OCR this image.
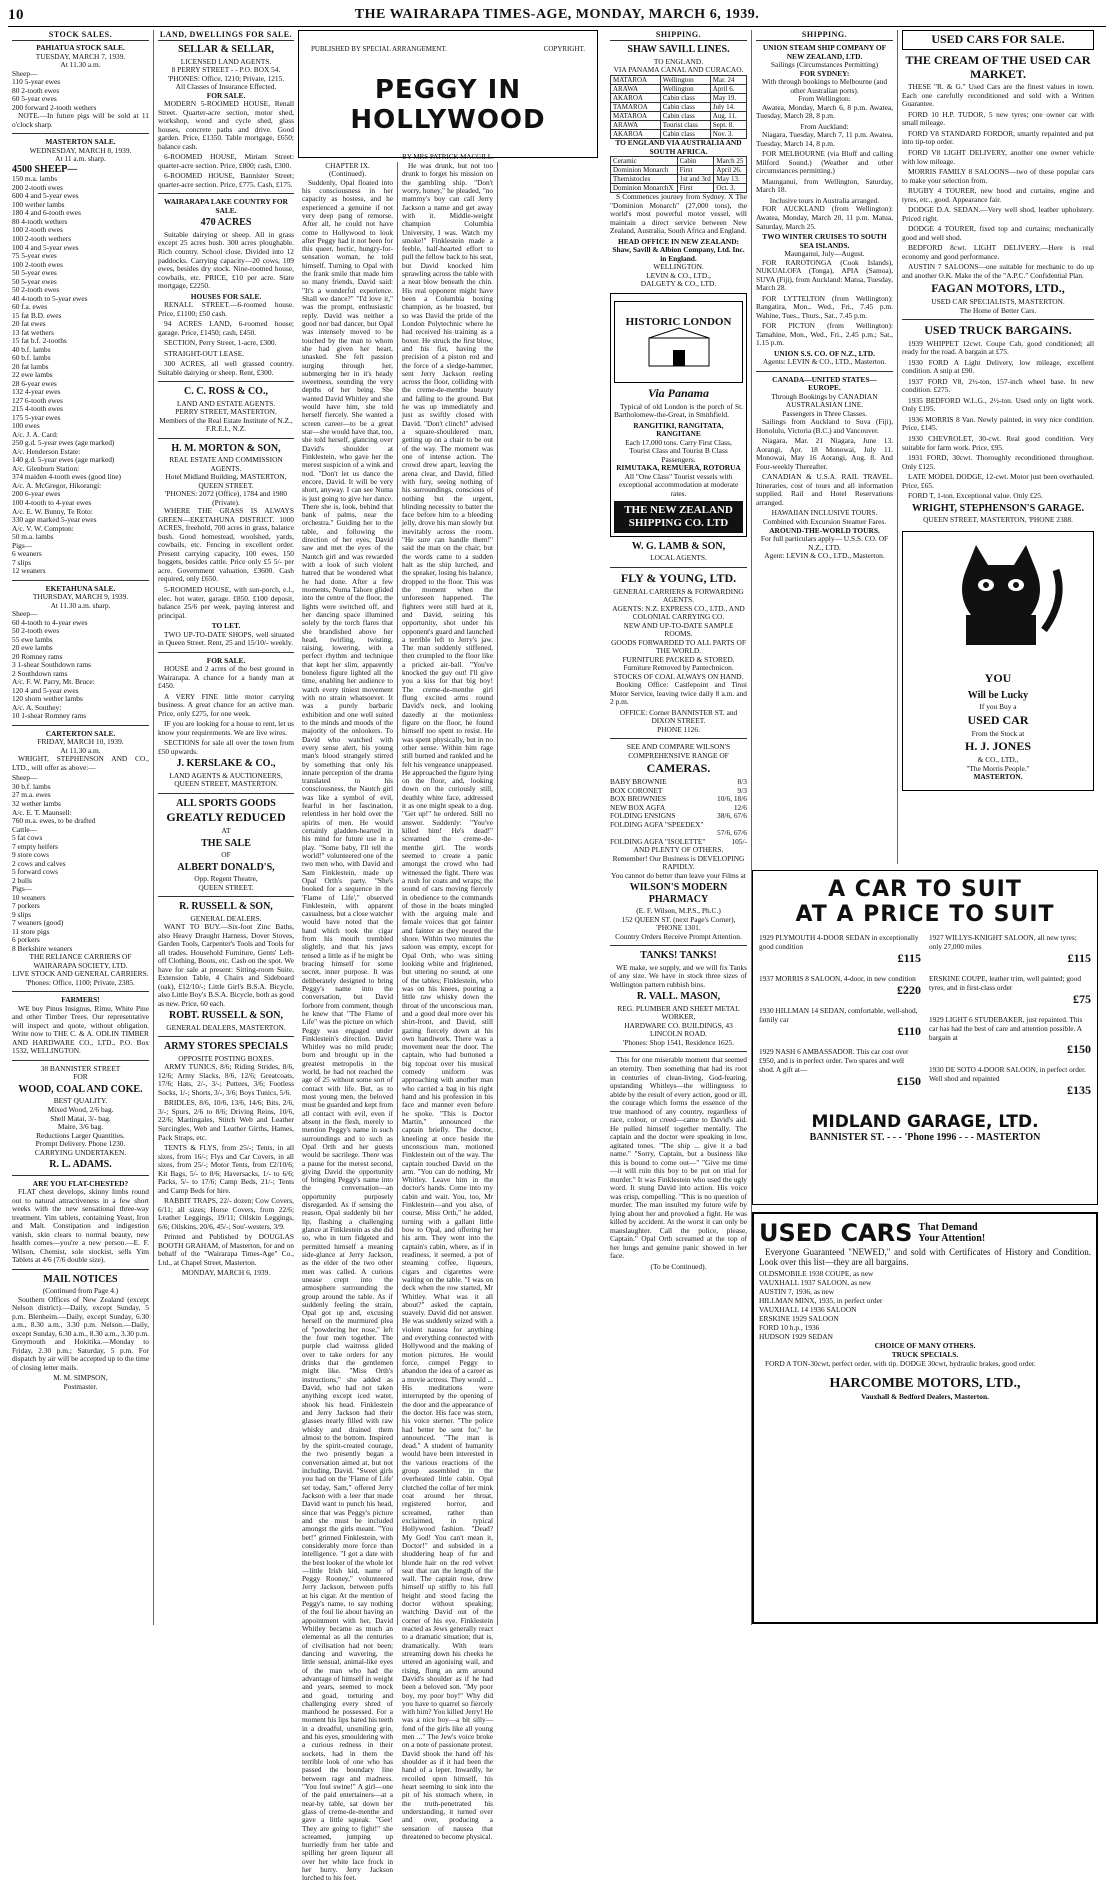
10	THE WAIRARAPA TIMES-AGE, MONDAY, MARCH 6, 1939.
STOCK SALES.
PAHIATUA STOCK SALE.
TUESDAY, MARCH 7, 1939.
At 11.30 a.m.
Sheep—
110 5-year ewes
80 2-tooth ewes
60 5-year ewes
200 forward 2-tooth wethers
NOTE.—In future pigs will be sold at 11 o'clock sharp.
MASTERTON SALE.
WEDNESDAY, MARCH 8, 1939.
At 11 a.m. sharp.
4500 SHEEP—
150 m.a. lambs
200 2-tooth ewes
600 4 and 5-year ewes
100 wether lambs
180 4 and 6-tooth ewes
80 4-tooth wethers
100 2-tooth ewes
100 2-tooth wethers
100 4 and 5-year ewes
75 5-year ewes
100 2-tooth ewes
50 5-year ewes
50 5-year ewes
50 2-tooth ewes
40 4-tooth to 5-year ewes
60 f.a. ewes
15 fat B.D. ewes
20 fat ewes
13 fat wethers
15 fat b.f. 2-tooths
40 b.f. lambs
60 b.f. lambs
20 fat lambs
22 ewe lambs
28 6-year ewes
132 4-year ewes
127 6-tooth ewes
215 4-tooth ewes
175 5-year ewes
100 ewes
A/c. J. A. Card:
250 g.d. 5-year ewes (age marked)
A/c. Henderson Estate:
140 g.d. 5-year ewes (age marked)
A/c. Glenburn Station:
374 maiden 4-tooth ewes (good line)
A/c. A. McGregor, Hikorangi:
200 6-year ewes
100 4-tooth to 4-year ewes
A/c. E. W. Bunny, Te Roto:
330 age marked 5-year ewes
A/c. V. W. Compton:
50 m.a. lambs
Pigs—
6 weaners
7 slips
12 weaners
EKETAHUNA SALE.
THURSDAY, MARCH 9, 1939.
At 11.30 a.m. sharp.
Sheep—
60 4-tooth to 4-year ewes
50 2-tooth ewes
55 ewe lambs
20 ewe lambs
20 Romney rams
3 1-shear Southdown rams
2 Southdown rams
A/c. F. W. Parry, Mt. Bruce:
120 4 and 5-year ewes
120 shorn wether lambs
A/c. A. Southey:
10 1-shear Romney rams
CARTERTON SALE.
FRIDAY, MARCH 10, 1939.
At 11.30 a.m.
WRIGHT, STEPHENSON AND CO., LTD., will offer as above:—
Sheep—
30 b.f. lambs
27 m.a. ewes
32 wether lambs
A/c. E. T. Maunsell:
760 m.a. ewes, to be drafted
Cattle—
5 fat cows
7 empty heifers
9 store cows
2 cows and calves
5 forward cows
2 bulls
Pigs—
10 weaners
7 porkers
9 slips
7 weaners (good)
11 store pigs
6 porkers
8 Berkshire weaners
THE RELIANCE CARRIERS OF WAIRARAPA SOCIETY, LTD.
LIVE STOCK AND GENERAL CARRIERS.
'Phones: Office, 1100; Private, 2385.
FARMERS!
WE buy Pinus Insignus, Rimu, White Pine and other Timber Trees. Our representative will inspect and quote, without obligation. Write now to THE C. & A. ODLIN TIMBER AND HARDWARE CO., LTD., P.O. Box 1532, WELLINGTON.
38 BANNISTER STREET
FOR
WOOD, COAL AND COKE.
BEST QUALITY.
Mixed Wood, 2/6 bag.
Shell Matai, 3/- bag.
Maire, 3/6 bag.
Reductions Larger Quantities.
Prompt Delivery. Phone 1230.
CARRYING UNDERTAKEN.
R. L. ADAMS.
ARE YOU FLAT-CHESTED?
FLAT chest develops, skinny limbs round out to natural attractiveness in a few short weeks with the new sensational three-way treatment. Yim tablets, containing Yeast, Iron and Malt. Constipation and indigestion vanish, skin clears to normal beauty, new health comes—you're a new person.—E. F. Wilson, Chemist, sole stockist, sells Yim Tablets at 4/6 (7/6 double size).
MAIL NOTICES
(Continued from Page 4.)
Southern Offices of New Zealand (except Nelson district).—Daily, except Sunday, 5 p.m. Blenheim.—Daily, except Sunday, 6.30 a.m., 8.30 a.m., 3.30 p.m. Nelson.—Daily, except Sunday, 6.30 a.m., 8.30 a.m., 3.30 p.m. Greymouth and Hokitika.—Monday to Friday, 2.30 p.m.; Saturday, 5 p.m. For dispatch by air will be accepted up to the time of closing letter mails.
M. M. SIMPSON,
Postmaster.
LAND, DWELLINGS FOR SALE.
SELLAR & SELLAR,
LICENSED LAND AGENTS.
8 PERRY STREET - - P.O. BOX 54.
'PHONES: Office, 1210; Private, 1215.
All Classes of Insurance Effected.
FOR SALE.
MODERN 5-ROOMED HOUSE, Renall Street. Quarter-acre section, motor shed, workshop, wood and cycle shed, glass houses, concrete paths and drive. Good garden. Price, £1350. Table mortgage, £650; balance cash.
6-ROOMED HOUSE, Miriam Street: quarter-acre section. Price, £800; cash, £300.
6-ROOMED HOUSE, Bannister Street; quarter-acre section. Price, £775. Cash, £175.
WAIRARAPA LAKE COUNTRY FOR SALE.
470 ACRES
Suitable dairying or sheep. All in grass except 25 acres bush. 300 acres ploughable. Rich country. School close. Divided into 12 paddocks. Carrying capacity—20 cows, 109 ewes, besides dry stock. Nine-roomed house, cowbails, etc. PRICE, £10 per acre. State mortgage, £2250.
HOUSES FOR SALE.
RENALL STREET.—6-roomed house. Price, £1100; £50 cash.
94 ACRES LAND, 6-roomed house; garage. Price, £1450; cash, £450.
SECTION, Perry Street, 1-acre, £300.
STRAIGHT-OUT LEASE.
300 ACRES, all well grassed country. Suitable dairying or sheep. Rent, £300.
C. C. ROSS & CO.,
LAND AND ESTATE AGENTS.
PERRY STREET, MASTERTON.
Members of the Real Estate Institute of N.Z., F.R.E.I., N.Z.
H. M. MORTON & SON,
REAL ESTATE AND COMMISSION AGENTS.
Hotel Midland Building, MASTERTON, QUEEN STREET.
'PHONES: 2072 (Office), 1784 and 1980 (Private).
WHERE THE GRASS IS ALWAYS GREEN—EKETAHUNA DISTRICT. 1000 ACRES, freehold, 700 acres in grass, balance bush. Good homestead, woolshed, yards, cowbails, etc. Fencing in excellent order. Present carrying capacity, 100 ewes, 150 hoggets, besides cattle. Price only £5 5/- per acre. Government valuation, £3600. Cash required, only £650.
5-ROOMED HOUSE, with sun-porch, e.l., elec. hot water, garage. £850. £100 deposit, balance 25/6 per week, paying interest and principal.
TO LET.
TWO UP-TO-DATE SHOPS, well situated in Queen Street. Rent, 25 and 15/10/- weekly.
FOR SALE.
HOUSE and 2 acres of the best ground in Wairarapa. A chance for a handy man at £450.
A VERY FINE little motor carrying business. A great chance for an active man. Price, only £275, for one week.
IF you are looking for a house to rent, let us know your requirements. We are live wires.
SECTIONS for sale all over the town from £50 upwards.
J. KERSLAKE & CO.,
LAND AGENTS & AUCTIONEERS, QUEEN STREET, MASTERTON.
ALL SPORTS GOODS
GREATLY REDUCED
AT
THE SALE
OF
ALBERT DONALD'S,
Opp. Regent Theatre,
QUEEN STREET.
R. RUSSELL & SON,
GENERAL DEALERS.
WANT TO BUY.—Six-foot Zinc Baths, also Heavy Draught Harness, Dover Stoves, Garden Tools, Carpenter's Tools and Tools for all trades. Household Furniture, Gents' Left-off Clothing, Boots, etc. Cash on the spot. We have for sale at present: Sitting-room Suite, Extension Table, 4 Chairs and Sideboard (oak), £12/10/-; Little Girl's B.S.A. Bicycle, also Little Boy's B.S.A. Bicycle, both as good as new. Price, 60 each.
ROBT. RUSSELL & SON,
GENERAL DEALERS, MASTERTON.
ARMY STORES SPECIALS
OPPOSITE POSTING BOXES.
ARMY TUNICS, 8/6; Riding Strides, 8/6, 12/6; Army Slacks, 8/6, 12/6; Greatcoats, 17/6; Hats, 2/-, 3/-; Puttees, 3/6; Footless Socks, 1/-; Shorts, 3/-, 3/6; Boys Tunics, 5/6.
BRIDLES, 8/6, 10/6, 13/6, 14/6; Bits, 2/6, 3/-; Spurs, 2/6 to 8/6; Driving Reins, 10/6, 22/6; Martingales, Stitch Web and Leather Surcingles, Web and Leather Girths, Hames, Pack Straps, etc.
TENTS & FLYS, from 25/-; Tents, in all sizes, from 16/-; Flys and Car Covers, in all sizes, from 25/-; Motor Tents, from £2/10/6; Kit Bags, 5/- to 8/6; Haversacks, 1/- to 6/6; Packs, 5/- to 17/6; Camp Beds, 21/-; Tents and Camp Beds for hire.
RABBIT TRAPS, 22/- dozen; Cow Covers, 6/11; all sizes; Horse Covers, from 22/6; Leather Leggings, 19/11; Oilskin Leggings, 6/6; Oilskins, 20/6, 45/-; Sou'-westers, 3/9.
Printed and Published by DOUGLAS BOOTH GRAHAM, of Masterton, for and on behalf of the "Wairarapa Times-Age" Co., Ltd., at Chapel Street, Masterton.
MONDAY, MARCH 6, 1939.
PUBLISHED BY SPECIAL ARRANGEMENT.	COPYRIGHT.
PEGGY IN HOLLYWOOD
BY MRS PATRICK MACGILL.
CHAPTER IX.
(Continued).
Suddenly, Opal floated into his consciousness in her capacity as hostess, and he experienced a genuine if not very deep pang of remorse. After all, he could not have come to Hollywood to look after Peggy had it not been for this queer, hectic, hungry-for-sensation woman, he told himself. Turning to Opal with the frank smile that made him so many friends, David said: "It's a wonderful experience. Shall we dance?" "I'd love it," was the prompt, enthusiastic reply. David was neither a good nor bad dancer, but Opal was intensely moved to be touched by the man to whom she had given her heart, unasked. She felt passion surging through her, submerging her in it's heady sweetness, sounding the very depths of her being. She wanted David Whitley and she would have him, she told herself fiercely. She wanted a screen career—to be a great star—she would have that, too, she told herself, glancing over David's shoulder at Finklestein, who gave her the merest suspicion of a wink and nod. "Don't let us dance the encore, David. It will be very short, anyway. I can see Numa is just going to give her dance. There she is, look, behind that bank of palms, near the orchestra." Guiding her to the table, and following the direction of her eyes, David saw and met the eyes of the Nautch girl and was rewarded with a look of such violent hatred that he wondered what he had done. After a few moments, Numa Tahore glided into the centre of the floor, the lights were switched off, and her dancing space illumined solely by the torch flares that she brandished above her head, twirling, twisting, raising, lowering, with a perfect rhythm and technique that kept her slim, apparently boneless figure lighted all the time, enabling her audience to watch every tiniest movement with no strain whatsoever. It was a purely barbaric exhibition and one well suited to the minds and moods of the majority of the onlookers. To David who watched with every sense alert, his young man's blood strangely stirred by something that only his innate perception of the drama translated to his consciousness, the Nautch girl was like a symbol of evil, fearful in her fascination, relentless in her hold over the spirits of men. He would certainly gladden-hearted in his mind for future use in a play. "Some baby, I'll tell the world!" volunteered one of the two men who, with David and Sam Finklestein, made up Opal Orth's party. "She's booked for a sequence in the 'Flame of Life'," observed Finklestein, with apparent casualness, but a close watcher would have noted that the hand which took the cigar from his mouth trembled slightly, and that his jaws tensed a little as if he might be bracing himself for some secret, inner purpose. It was deliberately designed to bring Peggy's name into the conversation, but David forbore from comment, though he knew that "The Flame of Life" was the picture on which Peggy was engaged under Finklestein's direction. David Whitley was no mild prude; born and brought up in the greatest metropolis in the world, he had not reached the age of 25 without some sort of contact with life. But, as to most young men, the beloved must be guarded and kept from all contact with evil, even if absent in the flesh, merely to mention Peggy's name in such surroundings and to such as Opal Orth and her guests would be sacrilege. There was a pause for the merest second, giving David the opportunity of bringing Peggy's name into the conversation—an opportunity purposely disregarded. As if sensing the reason, Opal suddenly bit her lip, flashing a challenging glance at Finklestein as she did so, who in turn fidgeted and permitted himself a meaning side-glance at Jerry Jackson, as the elder of the two other men was called. A curious unease crept into the atmosphere surrounding the group around the table. As if suddenly feeling the strain, Opal got up and, excusing herself on the murmured plea of "powdering her nose," left the four men together. The purple clad waitress glided over to take orders for any drinks that the gentlemen might like. "Miss Orth's instructions," she added as David, who had not taken anything except iced water, shook his head. Finklestein and Jerry Jackson had their glasses nearly filled with raw whisky and drained them almost to the bottom. Inspired by the spirit-created courage, the two presently began a conversation aimed at, but not including, David. "Sweet girls you had on the 'Flame of Life' set today, Sam," offered Jerry Jackson with a leer that made David want to punch his head, since that was Peggy's picture and she must be included amongst the girls meant. "You bet!" grinned Finklestein, with considerably more force than intelligence. "I got a date with the best looker of the whole lot—little Irish kid, name of Peggy Rooney," volunteered Jerry Jackson, between puffs at his cigar. At the mention of Peggy's name, to say nothing of the foul lie about having an appointment with her, David Whitley became as much an elemental as all the centuries of civilisation had not been; dancing and wavering, the little sensual, animal-like eyes of the man who had the advantage of himself in weight and years, seemed to mock and goad, torturing and challenging every shred of manhood he possessed. For a moment his lips bared his teeth in a dreadful, unsmiling grin, and his eyes, smouldering with a curious redness in their sockets, had in them the terrible look of one who has passed the boundary line between rage and madness. "You foul swine!" A girl—one of the paid entertainers—at a near-by table, sat down her glass of creme-de-menthe and gave a little squeak. "Gee! They are going to fight!" she screamed, jumping up hurriedly from her table and spilling her green liqueur all over her white lace frock in her hurry. Jerry Jackson lurched to his feet.
He was drunk, but not too drunk to forget his mission on the gambling ship. "Don't worry, honey," he pleaded, "no mammy's boy can call Jerry Jackson a name and get away with it. Middle-weight champion Columbia University, I was. Watch my smoke!" Finklestein made a feeble, half-hearted effort to pull the fellow back to his seat, but David knocked him sprawling across the table with a neat blow beneath the chin. His real opponent might have been a Columbia boxing champion, as he boasted, but so was David the pride of the London Polytechnic where he had received his training as a boxer. He struck the first blow, and his fist, having the precision of a piston rod and the force of a sledge-hammer, sent Jerry Jackson reeling across the floor, colliding with the creme-de-menthe beauty and falling to the ground. But he was up immediately and just as swiftly closed with David. "Don't clinch!" advised a square-shouldered man, getting up on a chair to be out of the way. The moment was one of intense action. The crowd drew apart, leaving the arena clear, and David, filled with fury, seeing nothing of his surroundings, conscious of nothing but the urgent, blinding necessity to batter the face before him to a bleeding jelly, drove his man slowly but inevitably across the room. "He sure can handle them!" said the man on the chair, but the words came to a sudden halt as the ship lurched, and the speaker, losing his balance, dropped to the floor. This was the moment when the unforeseen happened. The fighters were still hard at it, and David, seizing his opportunity, shot under his opponent's guard and launched a terrible left to Jerry's jaw. The man suddenly stiffened, then crumpled to the floor like a pricked air-ball. "You've knocked the guy out! I'll give you a kiss for that big boy! The creme-de-menthe girl flung excited arms round David's neck, and looking dazedly at the motionless figure on the floor, he found himself too spent to resist. He was spent physically, but in no other sense. Within him rage still burned and rankled and he felt his vengeance unappeased. He approached the figure lying on the floor, and, looking down on the curiously still, deathly white face, addressed it as one might speak to a dog. "Get up!" he ordered. Still no answer. Suddenly: "You've killed him! He's dead!" screamed the creme-de-menthe girl. The words seemed to create a panic amongst the crowd who had witnessed the fight. There was a rush for coats and wraps; the sound of cars moving fiercely in obedience to the commands of those in the boats mingled with the arguing male and female voices that got fainter and fainter as they neared the shore. Within two minutes the saloon was empty, except for Opal Orth, who was sitting looking white and frightened, but uttering no sound, at one of the tables; Finklestein, who was on his knees, pouring a little raw whisky down the throat of the unconscious man, and a good deal more over his shirt-front, and David, still gazing fiercely down at his own handiwork. There was a movement near the door. The captain, who had buttoned a big topcoat over his musical comedy uniform was approaching with another man who carried a bag in his right hand and his profession in his face and manner even before he spoke. "This is Doctor Martin," announced the captain briefly. The doctor, kneeling at once beside the unconscious man, motioned Finklestein out of the way. The captain touched David on the arm. "You can do nothing, Mr Whitley. Leave him in the doctor's hands. Come into my cabin and wait. You, too, Mr Finklestein—and you also, of course, Miss Orth," he added, turning with a gallant little bow to Opal, and offering her his arm. They went into the captain's cabin, where, as if in readiness, it seemed, a pot of steaming coffee, liqueurs, cigars and cigarettes were waiting on the table. "I was on deck when the row started, Mr Whitley. What was it all about?" asked the captain, suavely. David did not answer. He was suddenly seized with a violent nausea for anything and everything connected with Hollywood and the making of motion pictures. He would force, compel Peggy to abandon the idea of a career as a movie actress. They would ... His meditations were interrupted by the opening of the door and the appearance of the doctor. His face was stern, his voice sterner. "The police had better be sent for," he announced. "The man is dead." A student of humanity would have been interested in the various reactions of the group assembled in the overheated little cabin. Opal clutched the collar of her mink coat around her throat, registered horror, and screamed, rather than exclaimed, in typical Hollywood fashion. "Dead? My God! You can't mean it, Doctor!" and subsided in a shuddering heap of fur and blonde hair on the red velvet seat that ran the length of the wall. The captain rose, drew himself up stiffly to his full height and stood facing the doctor without speaking; watching David out of the corner of his eye. Finklestein reacted as Jews generally react to a dramatic situation; that is, dramatically. With tears streaming down his cheeks he uttered an agonising wail, and rising, flung an arm around David's shoulder as if he had been a beloved son. "My poor boy, my poor boy!" Why did you have to quarrel so fiercely with him? You killed Jerry! He was a nice boy—a bit silly—fond of the girls like all young men ..." The Jew's voice broke on a note of passionate protest. David shook the hand off his shoulder as if it had been the hand of a leper. Inwardly, he recoiled upon himself, his heart seeming to sink into the pit of his stomach where, in the truth-penetrated his understanding, it turned over and over, producing a sensation of nausea that threatened to become physical.
SHIPPING.
SHAW SAVILL LINES.
TO ENGLAND.
VIA PANAMA CANAL AND CURACAO.
MATAROA	Wellington	Mar. 24
ARAWA	Wellington	April 6.
AKAROA	Cabin class	May 19.
TAMAROA	Cabin class	July 14.
MATAROA	Cabin class	Aug. 11.
ARAWA	Tourist class	Sept. 8.
AKAROA	Cabin class	Nov. 3.
TO ENGLAND VIA AUSTRALIA AND SOUTH AFRICA.
Ceramic	Cabin	March 25
Dominion Monarch	First	April 26.
Themistocles	1st and 3rd	May 13.
Dominion MonarchX	First	Oct. 3.
S Commences journey from Sydney. X The "Dominion Monarch" (27,000 tons), the world's most powerful motor vessel, will maintain a direct service between New Zealand, Australia, South Africa and England.
HEAD OFFICE IN NEW ZEALAND: Shaw, Savill & Albion Company, Ltd. Inc. in England.
WELLINGTON.
LEVIN & CO., LTD.,
DALGETY & CO., LTD.
HISTORIC LONDON
Via Panama
Typical of old London is the porch of St. Bartholomew-the-Great, in Smithfield.
RANGITIKI, RANGITATA, RANGITANE
Each 17,000 tons. Carry First Class, Tourist Class and Tourist B Class Passengers.
RIMUTAKA, REMUERA, ROTORUA
All "One Class" Tourist vessels with exceptional accommodation at moderate rates.
THE NEW ZEALAND SHIPPING CO. LTD
W. G. LAMB & SON,
LOCAL AGENTS.
FLY & YOUNG, LTD.
GENERAL CARRIERS & FORWARDING AGENTS.
AGENTS: N.Z. EXPRESS CO., LTD., AND COLONIAL CARRYING CO.
NEW AND UP-TO-DATE SAMPLE ROOMS.
GOODS FORWARDED TO ALL PARTS OF THE WORLD.
FURNITURE PACKED & STORED. Furniture Removed by Pantechnicon.
STOCKS OF COAL ALWAYS ON HAND.
Booking Office: Castlepoint and Tinui Motor Service, leaving twice daily 8 a.m. and 2 p.m.
OFFICE: Corner BANNISTER ST. and DIXON STREET.
PHONE 1126.
SEE AND COMPARE WILSON'S COMPREHENSIVE RANGE OF
CAMERAS.
BABY BROWNIE	8/3
BOX CORONET	9/3
BOX BROWNIES	10/6, 18/6
NEW BOX AGFA	12/6
FOLDING ENSIGNS	38/6, 67/6
FOLDING AGFA "SPEEDEX"
57/6, 67/6
FOLDING AGFA "ISOLETTE"	105/-
AND PLENTY OF OTHERS.
Remember! Our Business is DEVELOPING RAPIDLY.
You cannot do better than leave your Films at
WILSON'S MODERN PHARMACY
(E. F. Wilson, M.P.S., Ph.C.)
152 QUEEN ST. (next Page's Corner), 'PHONE 1301.
Country Orders Receive Prompt Attention.
TANKS! TANKS!
WE make, we supply, and we will fix Tanks of any size. We have in stock three sizes of Wellington pattern rubbish bins.
R. VALL. MASON,
REG. PLUMBER AND SHEET METAL WORKER,
HARDWARE CO. BUILDINGS, 43 LINCOLN ROAD.
'Phones: Shop 1541, Residence 1625.
This for one miserable moment that seemed an eternity. Then something that had its root in centuries of clean-living, God-fearing, upstanding Whitleys—the willingness to abide by the result of every action, good or ill, the courage which forms the essence of the true manhood of any country, regardless of race, colour, or creed—came to David's aid. He pulled himself together mentally. The captain and the doctor were speaking in low, agitated tones. "The ship ... give it a bad name." "Sorry, Captain, but a business like this is bound to come out—" "Give me time—it will ruin this boy to be put on trial for murder." It was Finklestein who used the ugly word. It stung David into action. His voice was crisp, compelling. "This is no question of murder. The man insulted my future wife by lying about her and provoked a fight. He was killed by accident. At the worst it can only be manslaughter. Call the police, please, Captain." Opal Orth screamed at the top of her lungs and genuine panic showed in her face.
(To be Continued).
SHIPPING.
UNION STEAM SHIP COMPANY OF NEW ZEALAND, LTD.
Sailings (Circumstances Permitting)
FOR SYDNEY:
With through bookings to Melbourne (and other Australian ports).
From Wellington:
Awatea, Monday, March 6, 8 p.m. Awatea, Tuesday, March 28, 8 p.m.
From Auckland:
Niagara, Tuesday, March 7, 11 p.m. Awatea, Tuesday, March 14, 8 p.m.
FOR MELBOURNE (via Bluff and calling Milford Sound.) (Weather and other circumstances permitting.)
Maunganui, from Wellington, Saturday, March 18.
Inclusive tours in Australia arranged.
FOR AUCKLAND (from Wellington): Awatea, Monday, March 20, 11 p.m. Matua, Saturday, March 25.
TWO WINTER CRUISES TO SOUTH SEA ISLANDS.
Maunganui, July—August.
FOR RAROTONGA (Cook Islands), NUKUALOFA (Tonga), APIA (Samoa), SUVA (Fiji), from Auckland: Matua, Tuesday, March 28.
FOR LYTTELTON (from Wellington): Rangatira, Mon., Wed., Fri., 7.45 p.m. Wahine, Tues., Thurs., Sat., 7.45 p.m.
FOR PICTON (from Wellington): Tamahine, Mon., Wed., Fri., 2.45 p.m.; Sat., 1.15 p.m.
UNION S.S. CO. OF N.Z., LTD.
Agents: LEVIN & CO., LTD., Masterton.
CANADA—UNITED STATES—EUROPE.
Through Bookings by CANADIAN AUSTRALASIAN LINE.
Passengers in Three Classes.
Sailings from Auckland to Suva (Fiji), Honolulu, Victoria (B.C.) and Vancouver.
Niagara, Mar. 21 Niagara, June 13. Aorangi, Apr. 18 Monowai, July 11. Monowai, May 16 Aorangi, Aug. 8. And Four-weekly Thereafter.
CANADIAN & U.S.A. RAIL TRAVEL. Itineraries, cost of tours and all information supplied. Rail and Hotel Reservations arranged.
HAWAIIAN INCLUSIVE TOURS. Combined with Excursion Steamer Fares.
AROUND-THE-WORLD TOURS.
For full particulars apply— U.S.S. CO. OF N.Z., LTD.
Agent: LEVIN & CO., LTD., Masterton.
USED CARS FOR SALE.
THE CREAM OF THE USED CAR MARKET.
THESE "R. & G." Used Cars are the finest values in town. Each one carefully reconditioned and sold with a Written Guarantee.
FORD 10 H.P. TUDOR, 5 new tyres; one owner car with small mileage.
FORD V8 STANDARD FORDOR, smartly repainted and put into tip-top order.
FORD V8 LIGHT DELIVERY, another one owner vehicle with low mileage.
MORRIS FAMILY 8 SALOONS—two of these popular cars to make your selection from.
RUGBY 4 TOURER, new hood and curtains, engine and tyres, etc., good. Appearance fair.
DODGE D.A. SEDAN.—Very well shod, leather upholstery. Priced right.
DODGE 4 TOURER, fixed top and curtains; mechanically good and well shod.
BEDFORD 8cwt. LIGHT DELIVERY.—Here is real economy and good performance.
AUSTIN 7 SALOONS—one suitable for mechanic to do up and another O.K. Make the of the "A.P.C." Confidential Plan.
FAGAN MOTORS, LTD.,
USED CAR SPECIALISTS, MASTERTON.
The Home of Better Cars.
USED TRUCK BARGAINS.
1939 WHIPPET 12cwt. Coupe Cab, good conditioned; all ready for the road. A bargain at £75.
1930 FORD A Light Delivery, low mileage, excellent condition. A snip at £90.
1937 FORD V8, 2½-ton, 157-inch wheel base. In new condition. £275.
1935 BEDFORD W.L.G., 2½-ton. Used only on light work. Only £195.
1936 MORRIS 8 Van. Newly painted, in very nice condition. Price, £145.
1930 CHEVROLET, 30-cwt. Real good condition. Very suitable for farm work. Price, £95.
1931 FORD, 30cwt. Thoroughly reconditioned throughout. Only £125.
LATE MODEL DODGE, 12-cwt. Motor just been overhauled. Price, £65.
FORD T, 1-ton. Exceptional value. Only £25.
WRIGHT, STEPHENSON'S GARAGE.
QUEEN STREET, MASTERTON, 'PHONE 2388.
YOU
Will be Lucky
If you Buy a
USED CAR
From the Stock at
H. J. JONES
& CO., LTD.,
"The Morris People."
MASTERTON.
A CAR TO SUIT
AT A PRICE TO SUIT
1929 PLYMOUTH 4-DOOR SEDAN in exceptionally good condition
£115
1937 MORRIS 8 SALOON, 4-door, in new condition
£220
1930 HILLMAN 14 SEDAN, comfortable, well-shod, family car
£110
1929 NASH 6 AMBASSADOR. This car cost over £950, and is in perfect order. Two spares and well shod. A gift at—
£150
1927 WILLYS-KNIGHT SALOON, all new tyres; only 27,000 miles
£115
ERSKINE COUPE, leather trim, well painted; good tyres, and in first-class order
£75
1929 LIGHT 6 STUDEBAKER, just repainted. This car has had the best of care and attention possible. A bargain at
£150
1930 DE SOTO 4-DOOR SALOON, in perfect order. Well shod and repainted
£135
MIDLAND GARAGE, LTD.
BANNISTER ST. - - - 'Phone 1996 - - - MASTERTON
USED CARS That Demand
Your Attention!
Everyone Guaranteed "NEWED," and sold with Certificates of History and Condition. Look over this list—they are all bargains.
OLDSMOBILE 1938 COUPE, as new
VAUXHALL 1937 SALOON, as new
AUSTIN 7, 1936, as new
HILLMAN MINX, 1935, in perfect order
VAUXHALL 14 1936 SALOON
ERSKINE 1929 SALOON
FORD 10 h.p., 1936
HUDSON 1929 SEDAN
CHOICE OF MANY OTHERS.
TRUCK SPECIALS.
FORD A TON-30cwt, perfect order, with tip. DODGE 30cwt, hydraulic brakes, good order.
HARCOMBE MOTORS, LTD.,
Vauxhall & Bedford Dealers, Masterton.
